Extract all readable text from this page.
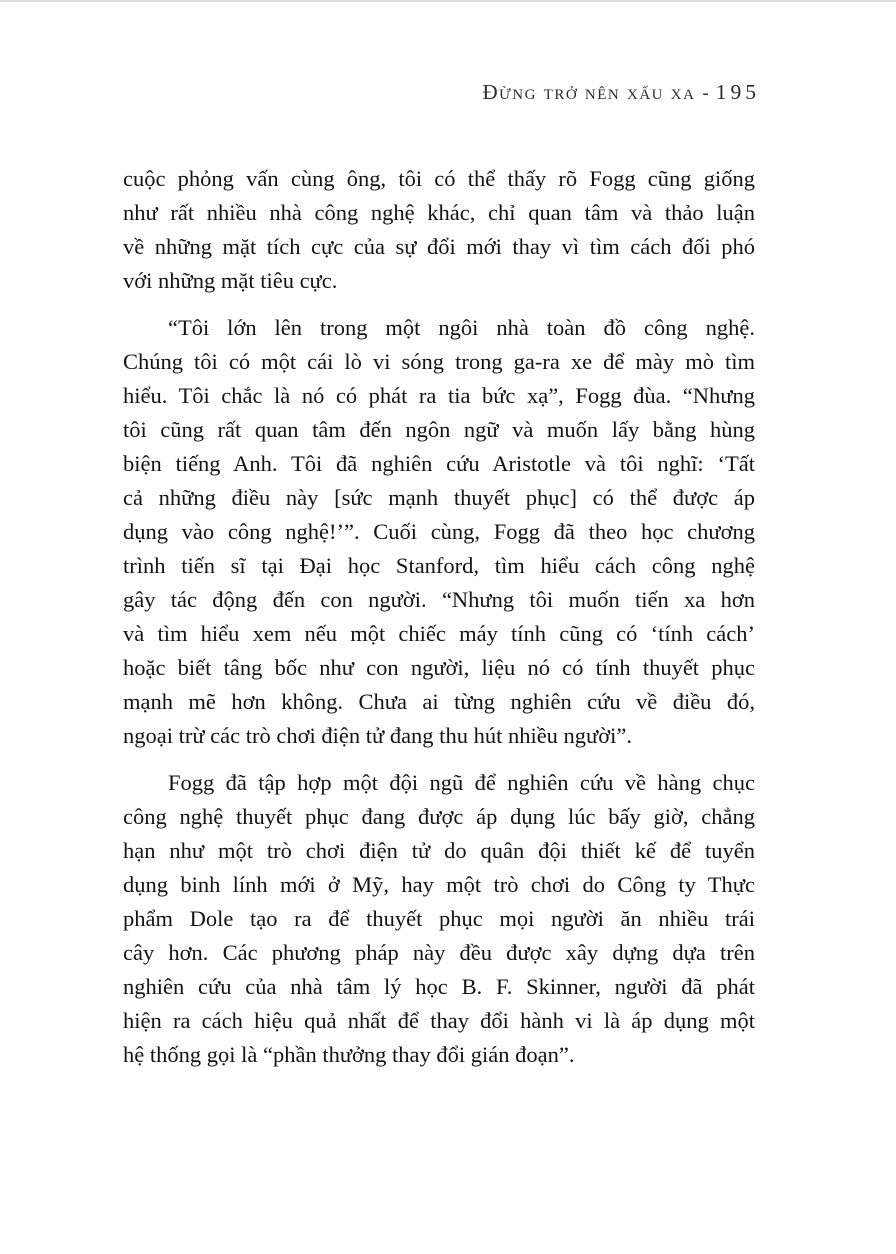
Đừng trở nên xấu xa - 195

cuộc phỏng vấn cùng ông, tôi có thể thấy rõ Fogg cũng giống
như rất nhiều nhà công nghệ khác, chỉ quan tâm và thảo luận
về những mặt tích cực của sự đổi mới thay vì tìm cách đối phó
với những mặt tiêu cực.

“Tôi lớn lên trong một ngôi nhà toàn đồ công nghệ.
Chúng tôi có một cái lò vi sóng trong ga-ra xe để mày mò tìm
hiểu. Tôi chắc là nó có phát ra tia bức xạ”, Fogg đùa. “Nhưng
tôi cũng rất quan tâm đến ngôn ngữ và muốn lấy bằng hùng
biện tiếng Anh. Tôi đã nghiên cứu Aristotle và tôi nghĩ: ‘Tất
cả những điều này [sức mạnh thuyết phục] có thể được áp
dụng vào công nghệ!’”. Cuối cùng, Fogg đã theo học chương
trình tiến sĩ tại Đại học Stanford, tìm hiểu cách công nghệ
gây tác động đến con người. “Nhưng tôi muốn tiến xa hơn
và tìm hiểu xem nếu một chiếc máy tính cũng có ‘tính cách’
hoặc biết tâng bốc như con người, liệu nó có tính thuyết phục
mạnh mẽ hơn không. Chưa ai từng nghiên cứu về điều đó,
ngoại trừ các trò chơi điện tử đang thu hút nhiều người”.

Fogg đã tập hợp một đội ngũ để nghiên cứu về hàng chục
công nghệ thuyết phục đang được áp dụng lúc bấy giờ, chẳng
hạn như một trò chơi điện tử do quân đội thiết kế để tuyển
dụng binh lính mới ở Mỹ, hay một trò chơi do Công ty Thực
phẩm Dole tạo ra để thuyết phục mọi người ăn nhiều trái
cây hơn. Các phương pháp này đều được xây dựng dựa trên
nghiên cứu của nhà tâm lý học B. F. Skinner, người đã phát
hiện ra cách hiệu quả nhất để thay đổi hành vi là áp dụng một
hệ thống gọi là “phần thưởng thay đổi gián đoạn”.
